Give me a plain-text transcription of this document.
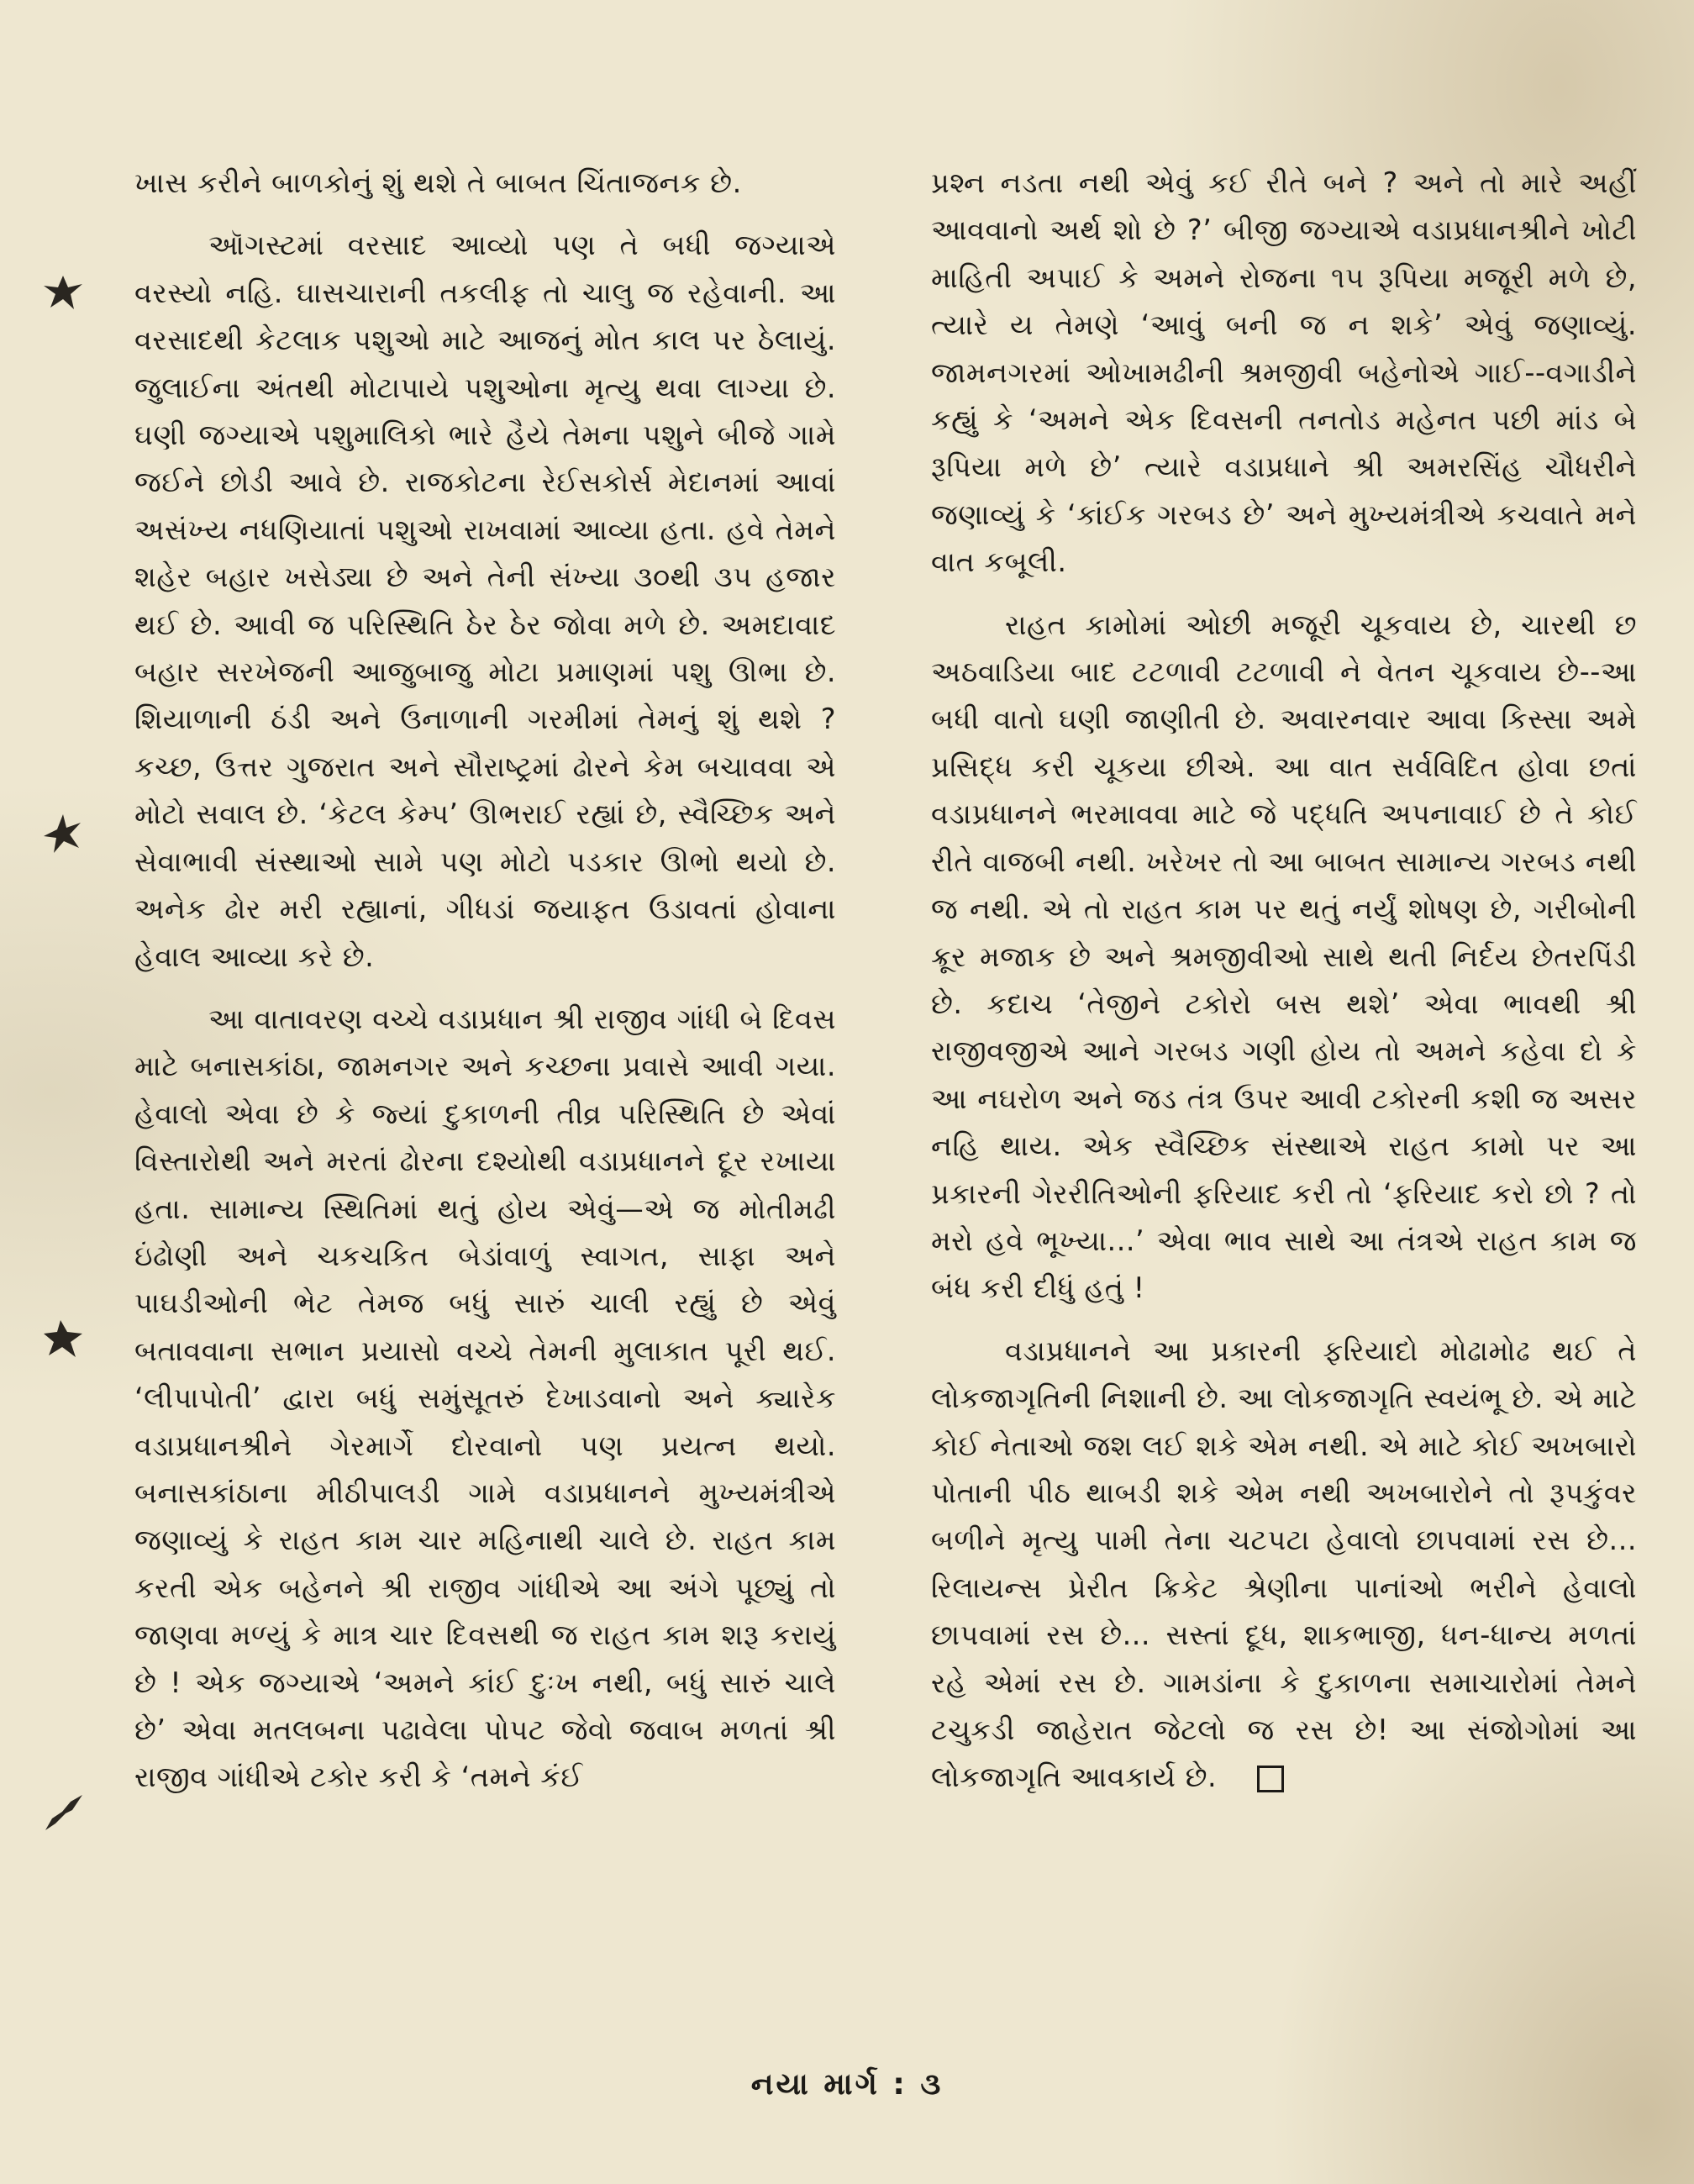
ખાસ કરીને બાળકોનું શું થશે તે બાબત ચિંતાજનક છે.

ઑગસ્ટમાં વરસાદ આવ્યો પણ તે બધી જગ્યાએ વરસ્યો નહિ. ઘાસચારાની તકલીફ તો ચાલુ જ રહેવાની. આ વરસાદથી કેટલાક પશુઓ માટે આજનું મોત કાલ પર ઠેલાયું. જુલાઈના અંતથી મોટાપાયે પશુઓના મૃત્યુ થવા લાગ્યા છે. ઘણી જગ્યાએ પશુમાલિકો ભારે હૈયે તેમના પશુને બીજે ગામે જઈને છોડી આવે છે. રાજકોટના રેઈસકોર્સ મેદાનમાં આવાં અસંખ્ય નધણિયાતાં પશુઓ રાખવામાં આવ્યા હતા. હવે તેમને શહેર બહાર ખસેડ્યા છે અને તેની સંખ્યા ૩૦થી ૩૫ હજાર થઈ છે. આવી જ પરિસ્થિતિ ઠેર ઠેર જોવા મળે છે. અમદાવાદ બહાર સરખેજની આજુબાજુ મોટા પ્રમાણમાં પશુ ઊભા છે. શિયાળાની ઠંડી અને ઉનાળાની ગરમીમાં તેમનું શું થશે ? કચ્છ, ઉત્તર ગુજરાત અને સૌરાષ્ટ્રમાં ઢોરને કેમ બચાવવા એ મોટો સવાલ છે. ‘કેટલ કેમ્પ’ ઊભરાઈ રહ્યાં છે, સ્વૈચ્છિક અને સેવાભાવી સંસ્થાઓ સામે પણ મોટો પડકાર ઊભો થયો છે. અનેક ઢોર મરી રહ્યાનાં, ગીધડાં જયાફત ઉડાવતાં હોવાના હેવાલ આવ્યા કરે છે.

આ વાતાવરણ વચ્ચે વડાપ્રધાન શ્રી રાજીવ ગાંધી બે દિવસ માટે બનાસકાંઠા, જામનગર અને કચ્છના પ્રવાસે આવી ગયા. હેવાલો એવા છે કે જ્યાં દુકાળની તીવ્ર પરિસ્થિતિ છે એવાં વિસ્તારોથી અને મરતાં ઢોરના દશ્યોથી વડાપ્રધાનને દૂર રખાયા હતા. સામાન્ય સ્થિતિમાં થતું હોય એવું—એ જ મોતીમઢી ઇંઢોણી અને ચકચકિત બેડાંવાળું સ્વાગત, સાફા અને પાઘડીઓની ભેટ તેમજ બધું સારું ચાલી રહ્યું છે એવું બતાવવાના સભાન પ્રયાસો વચ્ચે તેમની મુલાકાત પૂરી થઈ. ‘લીપાપોતી’ દ્વારા બધું સમુંસૂતરું દેખાડવાનો અને ક્યારેક વડાપ્રધાનશ્રીને ગેરમાર્ગે દોરવાનો પણ પ્રયત્ન થયો. બનાસકાંઠાના મીઠીપાલડી ગામે વડાપ્રધાનને મુખ્યમંત્રીએ જણાવ્યું કે રાહત કામ ચાર મહિનાથી ચાલે છે. રાહત કામ કરતી એક બહેનને શ્રી રાજીવ ગાંધીએ આ અંગે પૂછ્યું તો જાણવા મળ્યું કે માત્ર ચાર દિવસથી જ રાહત કામ શરૂ કરાયું છે ! એક જગ્યાએ ‘અમને કાંઈ દુઃખ નથી, બધું સારું ચાલે છે’ એવા મતલબના પઢાવેલા પોપટ જેવો જવાબ મળતાં શ્રી રાજીવ ગાંધીએ ટકોર કરી કે ‘તમને કંઈ

પ્રશ્ન નડતા નથી એવું કઈ રીતે બને ? અને તો મારે અહીં આવવાનો અર્થ શો છે ?’ બીજી જગ્યાએ વડાપ્રધાનશ્રીને ખોટી માહિતી અપાઈ કે અમને રોજના ૧૫ રૂપિયા મજૂરી મળે છે, ત્યારે ય તેમણે ‘આવું બની જ ન શકે’ એવું જણાવ્યું. જામનગરમાં ઓખામઢીની શ્રમજીવી બહેનોએ ગાઈ--વગાડીને કહ્યું કે ‘અમને એક દિવસની તનતોડ મહેનત પછી માંડ બે રૂપિયા મળે છે’ ત્યારે વડાપ્રધાને શ્રી અમરસિંહ ચૌધરીને જણાવ્યું કે ‘કાંઈક ગરબડ છે’ અને મુખ્યમંત્રીએ કચવાતે મને વાત કબૂલી.

રાહત કામોમાં ઓછી મજૂરી ચૂકવાય છે, ચારથી છ અઠવાડિયા બાદ ટટળાવી ટટળાવી ને વેતન ચૂકવાય છે--આ બધી વાતો ઘણી જાણીતી છે. અવારનવાર આવા કિસ્સા અમે પ્રસિદ્ધ કરી ચૂકયા છીએ. આ વાત સર્વવિદિત હોવા છતાં વડાપ્રધાનને ભરમાવવા માટે જે પદ્ધતિ અપનાવાઈ છે તે કોઈ રીતે વાજબી નથી. ખરેખર તો આ બાબત સામાન્ય ગરબડ નથી જ નથી. એ તો રાહત કામ પર થતું નર્યું શોષણ છે, ગરીબોની ક્રૂર મજાક છે અને શ્રમજીવીઓ સાથે થતી નિર્દય છેતરપિંડી છે. કદાચ ‘તેજીને ટકોરો બસ થશે’ એવા ભાવથી શ્રી રાજીવજીએ આને ગરબડ ગણી હોય તો અમને કહેવા દો કે આ નઘરોળ અને જડ તંત્ર ઉપર આવી ટકોરની કશી જ અસર નહિ થાય. એક સ્વૈચ્છિક સંસ્થાએ રાહત કામો પર આ પ્રકારની ગેરરીતિઓની ફરિયાદ કરી તો ‘ફરિયાદ કરો છો ? તો મરો હવે ભૂખ્યા...’ એવા ભાવ સાથે આ તંત્રએ રાહત કામ જ બંધ કરી દીધું હતું !

વડાપ્રધાનને આ પ્રકારની ફરિયાદો મોઢામોઢ થઈ તે લોકજાગૃતિની નિશાની છે. આ લોકજાગૃતિ સ્વયંભૂ છે. એ માટે કોઈ નેતાઓ જશ લઈ શકે એમ નથી. એ માટે કોઈ અખબારો પોતાની પીઠ થાબડી શકે એમ નથી અખબારોને તો રૂપકુંવર બળીને મૃત્યુ પામી તેના ચટપટા હેવાલો છાપવામાં રસ છે... રિલાયન્સ પ્રેરીત ક્રિકેટ શ્રેણીના પાનાંઓ ભરીને હેવાલો છાપવામાં રસ છે... સસ્તાં દૂધ, શાકભાજી, ધન-ધાન્ય મળતાં રહે એમાં રસ છે. ગામડાંના કે દુકાળના સમાચારોમાં તેમને ટચુકડી જાહેરાત જેટલો જ રસ છે! આ સંજોગોમાં આ લોકજાગૃતિ આવકાર્ય છે.

નયા માર્ગ : ૩
